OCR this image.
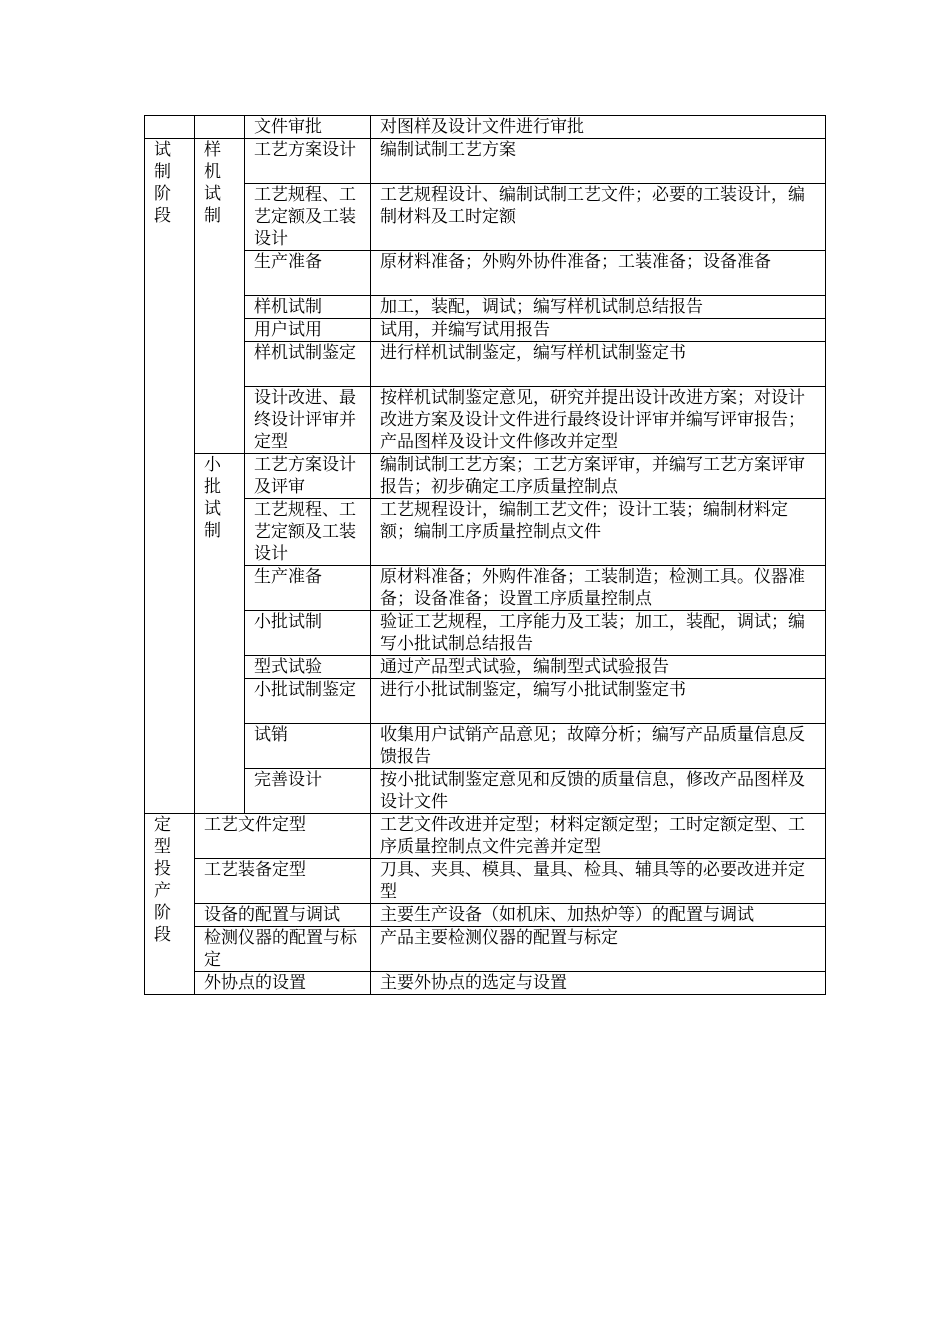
		文件审批	对图样及设计文件进行审批

试制阶段	样机试制	工艺方案设计	编制试制工艺方案
		工艺规程、工艺定额及工装设计	工艺规程设计、编制试制工艺文件；必要的工装设计，编制材料及工时定额
		生产准备	原材料准备；外购外协件准备；工装准备；设备准备
		样机试制	加工，装配，调试；编写样机试制总结报告
		用户试用	试用，并编写试用报告
		样机试制鉴定	进行样机试制鉴定，编写样机试制鉴定书
		设计改进、最终设计评审并定型	按样机试制鉴定意见，研究并提出设计改进方案；对设计改进方案及设计文件进行最终设计评审并编写评审报告；产品图样及设计文件修改并定型

	小批试制	工艺方案设计及评审	编制试制工艺方案；工艺方案评审，并编写工艺方案评审报告；初步确定工序质量控制点
		工艺规程、工艺定额及工装设计	工艺规程设计，编制工艺文件；设计工装；编制材料定额；编制工序质量控制点文件
		生产准备	原材料准备；外购件准备；工装制造；检测工具。仪器准备；设备准备；设置工序质量控制点
		小批试制	验证工艺规程，工序能力及工装；加工，装配，调试；编写小批试制总结报告
		型式试验	通过产品型式试验，编制型式试验报告
		小批试制鉴定	进行小批试制鉴定，编写小批试制鉴定书
		试销	收集用户试销产品意见；故障分析；编写产品质量信息反馈报告
		完善设计	按小批试制鉴定意见和反馈的质量信息，修改产品图样及设计文件

定型投产阶段	工艺文件定型		工艺文件改进并定型；材料定额定型；工时定额定型、工序质量控制点文件完善并定型
	工艺装备定型		刀具、夹具、模具、量具、检具、辅具等的必要改进并定型
	设备的配置与调试		主要生产设备（如机床、加热炉等）的配置与调试
	检测仪器的配置与标定		产品主要检测仪器的配置与标定
	外协点的设置		主要外协点的选定与设置
